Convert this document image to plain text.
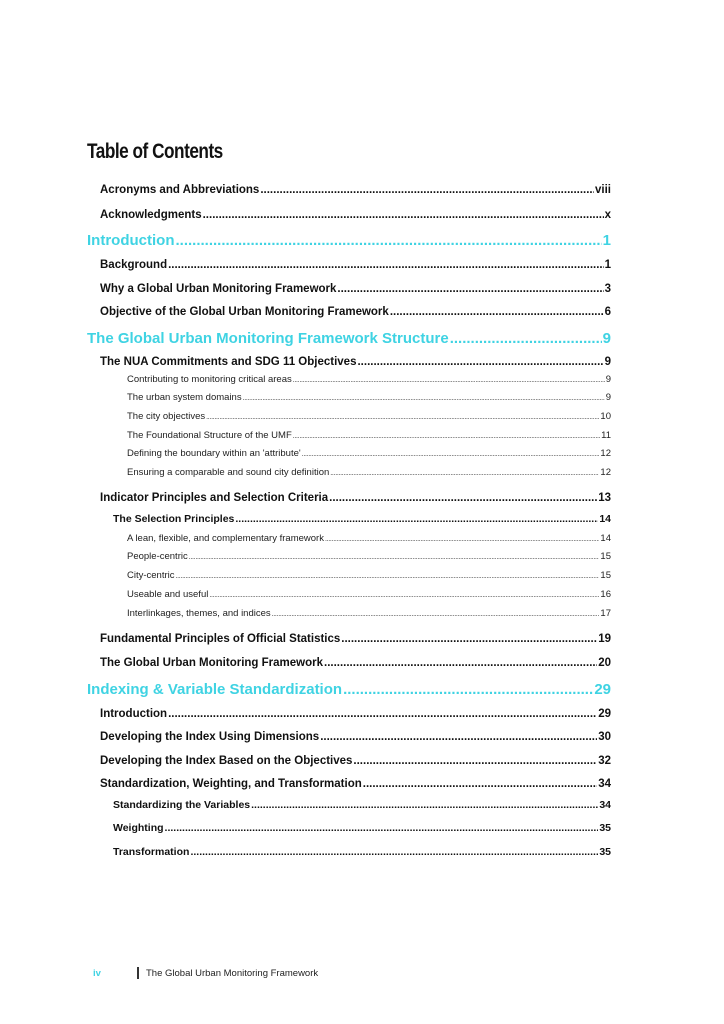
Table of Contents
Acronyms and Abbreviations .....	viii
Acknowledgments .....	x
Introduction .....	1
Background .....	1
Why a Global Urban Monitoring Framework .....	3
Objective of the Global Urban Monitoring Framework .....	6
The Global Urban Monitoring Framework Structure .....	9
The NUA Commitments and SDG 11 Objectives .....	9
Contributing to monitoring critical areas .....	9
The urban system domains .....	9
The city objectives .....	10
The Foundational Structure of the UMF .....	11
Defining the boundary within an 'attribute' .....	12
Ensuring a comparable and sound city definition .....	12
Indicator Principles and Selection Criteria .....	13
The Selection Principles .....	14
A lean, flexible, and complementary framework .....	14
People-centric .....	15
City-centric .....	15
Useable and useful .....	16
Interlinkages, themes, and indices .....	17
Fundamental Principles of Official Statistics .....	19
The Global Urban Monitoring Framework .....	20
Indexing & Variable Standardization .....	29
Introduction .....	29
Developing the Index Using Dimensions .....	30
Developing the Index Based on the Objectives .....	32
Standardization, Weighting, and Transformation .....	34
Standardizing the Variables .....	34
Weighting .....	35
Transformation .....	35
iv	The Global Urban Monitoring Framework
